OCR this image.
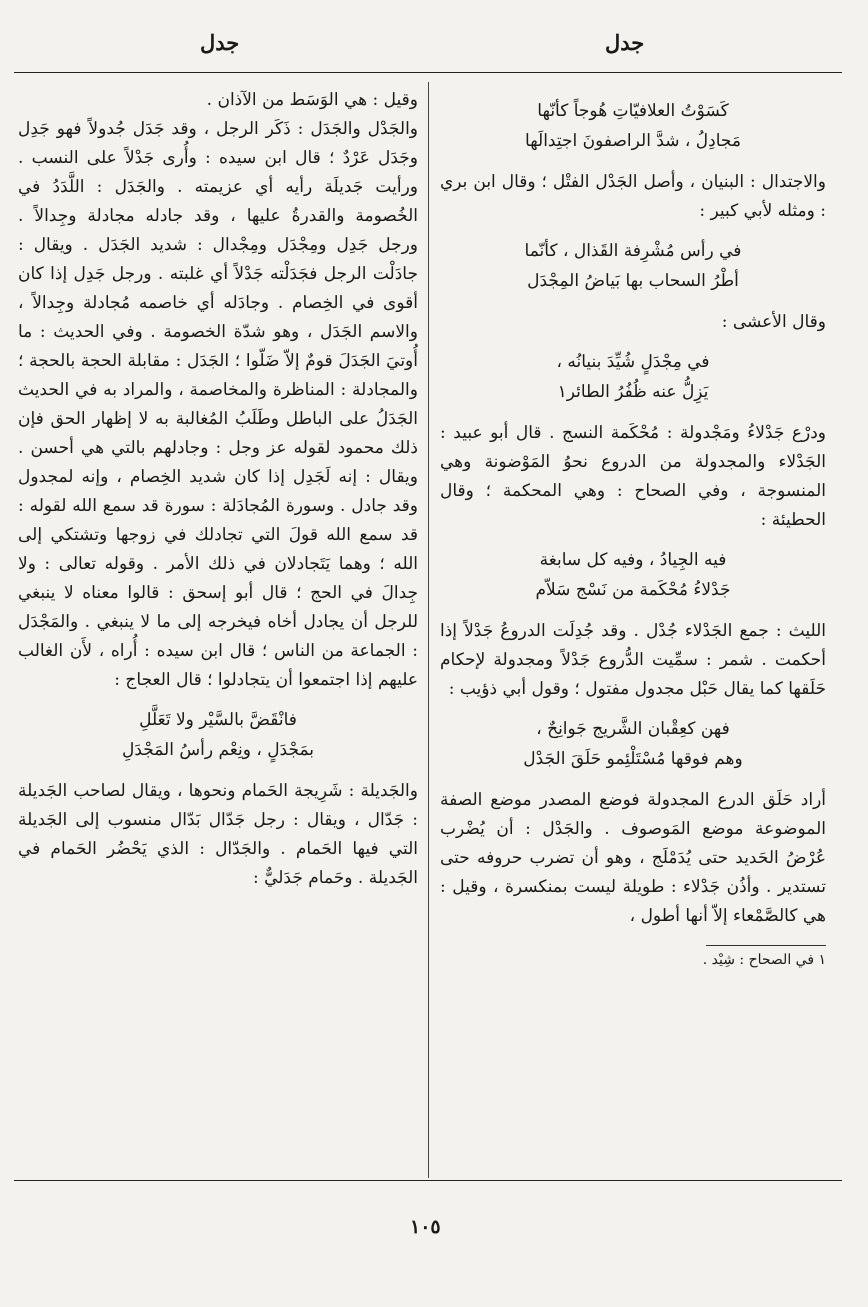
جدل
جدل
كَسَوْتُ العلافيّاتِ هُوجاً كأنّها
مَجادِلُ ، شدَّ الراصفونَ اجتِدالَها

والاجتدال : البنيان ، وأصل الجَدْل الفتْل ؛ وقال ابن بري : ومثله لأبي كبير :

في رأس مُشْرِفة القَذال ، كأنّما
أطْرُ السحاب بها بَياضُ المِجْدَل

وقال الأعشى :

في مِجْدَلٍ شُيِّدَ بنيانُه ،
يَزِلُّ عنه ظُفُرُ الطائر١

ودرْع جَدْلاءُ ومَجْدولة : مُحْكَمة النسج . قال أبو عبيد : الجَدْلاء والمجدولة من الدروع نحوُ المَوْضونة وهي المنسوجة ، وفي الصحاح : وهي المحكمة ؛ وقال الحطيئة :

فيه الجِيادُ ، وفيه كل سابغة
جَدْلاءُ مُحْكَمة من نَسْج سَلاّم

الليث : جمع الجَدْلاء جُدْل . وقد جُدِلَت الدروعُ جَدْلاً إذا أحكمت . شمر : سمِّيت الدُّروع جَدْلاً ومجدولة لإحكام حَلَقها كما يقال حَبْل مجدول مفتول ؛ وقول أبي ذؤيب :

فهن كعِقْبان الشَّريج جَوانِحٌ ،
وهم فوقها مُسْتَلْئِمو حَلَقَ الجَدْل

أراد حَلَق الدرع المجدولة فوضع المصدر موضع الصفة الموضوعة موضع المَوصوف . والجَدْل : أن يُضْرب عُرْضُ الحَديد حتى يُدَمْلَج ، وهو أن تضرب حروفه حتى تستدير . وأذُن جَدْلاء : طويلة ليست بمنكسرة ، وقيل : هي كالصَّمْعاء إلاّ أنها أطول ،

١ في الصحاح : شِيْد .

وقيل : هي الوَسَط من الآذان .

والجَدْل والجَدَل : ذَكَر الرجل ، وقد جَدَل جُدولاً فهو جَدِل وجَدَل عَرْدٌ ؛ قال ابن سيده : وأُرى جَدْلاً على النسب . ورأيت جَديلَة رأيه أي عزيمته . والجَدَل : اللَّدَدُ في الخُصومة والقدرةُ عليها ، وقد جادله مجادلة وجِدالاً . ورجل جَدِل ومِجْدَل ومِجْدال : شديد الجَدَل . ويقال : جادَلْت الرجل فجَدَلْته جَدْلاً أي غلبته . ورجل جَدِل إذا كان أقوى في الخِصام . وجادَله أي خاصمه مُجادلة وجِدالاً ، والاسم الجَدَل ، وهو شدّة الخصومة . وفي الحديث : ما أُوتيَ الجَدَلَ قومٌ إلاّ ضَلّوا ؛ الجَدَل : مقابلة الحجة بالحجة ؛ والمجادلة : المناظرة والمخاصمة ، والمراد به في الحديث الجَدَلُ على الباطل وطَلَبُ المُغالبة به لا إظهار الحق فإن ذلك محمود لقوله عز وجل : وجادلهم بالتي هي أحسن . ويقال : إنه لَجَدِل إذا كان شديد الخِصام ، وإنه لمجدول وقد جادل . وسورة المُجادَلة : سورة قد سمع الله لقوله : قد سمع الله قولَ التي تجادلك في زوجها وتشتكي إلى الله ؛ وهما يَتَجادلان في ذلك الأمر . وقوله تعالى : ولا جِدالَ في الحج ؛ قال أبو إسحق : قالوا معناه لا ينبغي للرجل أن يجادل أخاه فيخرجه إلى ما لا ينبغي . والمَجْدَل : الجماعة من الناس ؛ قال ابن سيده : أُراه ، لأَن الغالب عليهم إذا اجتمعوا أن يتجادلوا ؛ قال العجاج :

فانْقَضَّ بالسَّيْر ولا تَعَلَّلِ
بمَجْدَلٍ ، ونِعْم رأسُ المَجْدَلِ

والجَديلة : شَرِيجة الحَمام ونحوها ، ويقال لصاحب الجَديلة : جَدّال ، ويقال : رجل جَدّال بَدّال منسوب إلى الجَديلة التي فيها الحَمام . والجَدّال : الذي يَحْضُر الحَمام في الجَديلة . وحَمام جَدَليٌّ :

١٠٥
